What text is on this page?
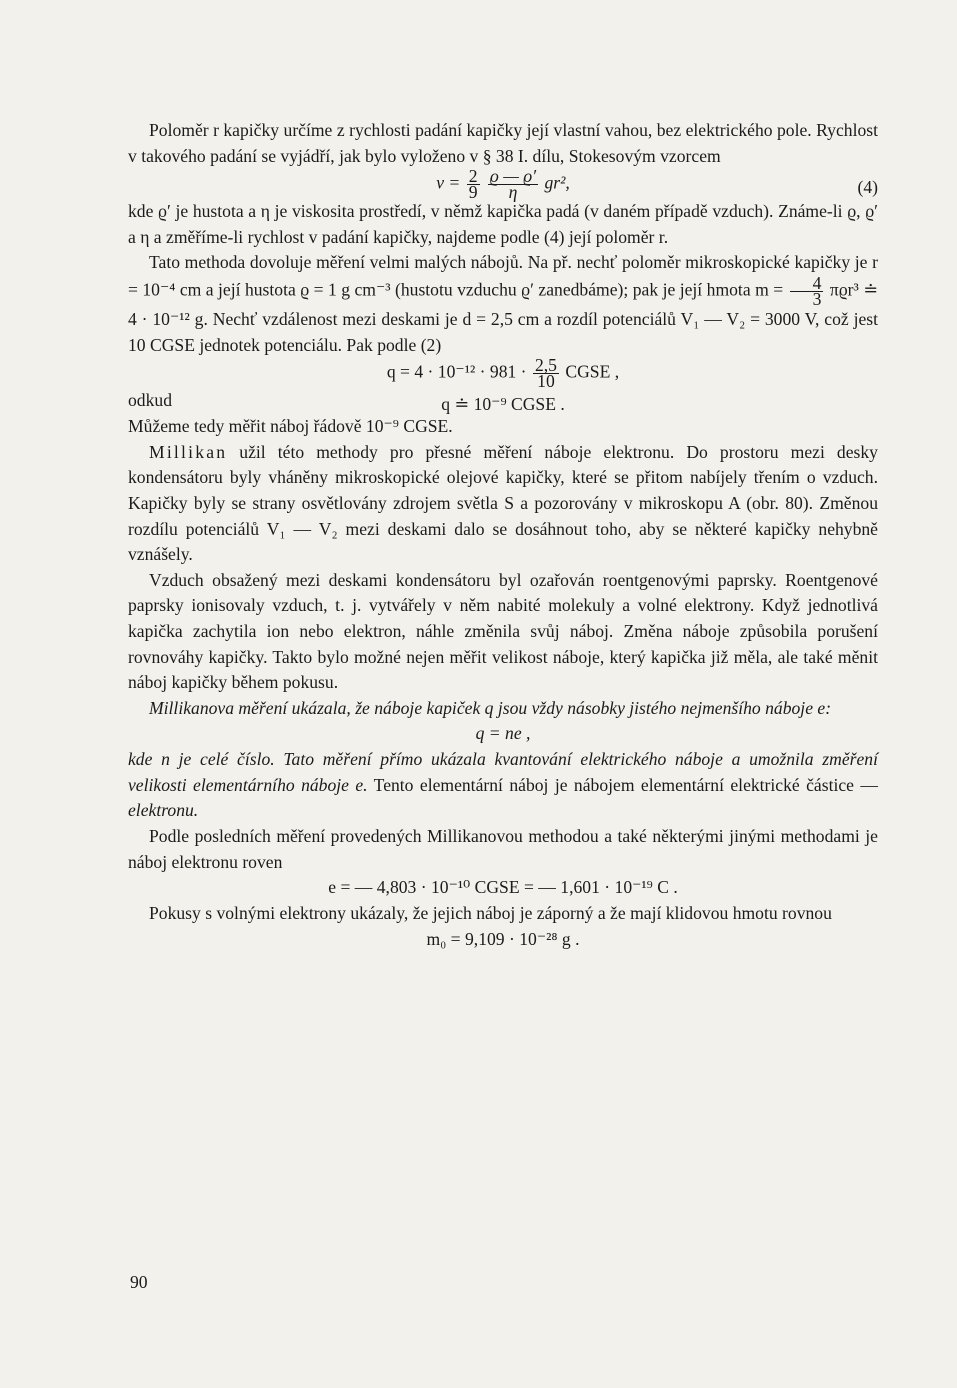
Poloměr r kapičky určíme z rychlosti padání kapičky její vlastní vahou, bez elektrického pole. Rychlost v takového padání se vyjádří, jak bylo vyloženo v § 38 I. dílu, Stokesovým vzorcem

$v = \frac{2}{9}$
$\frac{ϱ — ϱ'}{\eta} gr^2$,	(4)

kde ϱ′ je hustota a η je viskosita prostředí, v němž kapička padá (v daném případě vzduch). Známe-li ϱ, ϱ′ a η a změříme-li rychlost v padání kapičky, najdeme podle (4) její poloměr r.

Tato methoda dovoluje měření velmi malých nábojů. Na př. nechť poloměr mikroskopické kapičky je r = 10⁻⁴ cm a její hustota ϱ = 1 g cm⁻³ (hustotu vzduchu ϱ′ zanedbáme); pak je její hmota $m = \frac{4}{3} \pi ϱr^3$ ≐ 4 · 10⁻¹² g. Nechť vzdálenost mezi deskami je d = 2,5 cm a rozdíl potenciálů V₁ — V₂ = 3000 V, což jest 10 CGSE jednotek potenciálu. Pak podle (2)

$q = 4 \cdot 10^{-12} \cdot 981 \cdot \frac{2,5}{10}$ CGSE ,
odkud	q ≐ 10⁻⁹ CGSE .

Můžeme tedy měřit náboj řádově 10⁻⁹ CGSE.

Millikan užil této methody pro přesné měření náboje elektronu. Do prostoru mezi desky kondensátoru byly vháněny mikroskopické olejové kapičky, které se přitom nabíjely třením o vzduch. Kapičky byly se strany osvětlovány zdrojem světla S a pozorovány v mikroskopu A (obr. 80). Změnou rozdílu potenciálů V₁ — V₂ mezi deskami dalo se dosáhnout toho, aby se některé kapičky nehybně vznášely.

Vzduch obsažený mezi deskami kondensátoru byl ozařován roentgenovými paprsky. Roentgenové paprsky ionisovaly vzduch, t. j. vytvářely v něm nabité molekuly a volné elektrony. Když jednotlivá kapička zachytila ion nebo elektron, náhle změnila svůj náboj. Změna náboje způsobila porušení rovnováhy kapičky. Takto bylo možné nejen měřit velikost náboje, který kapička již měla, ale také měnit náboj kapičky během pokusu.

Millikanova měření ukázala, že náboje kapiček q jsou vždy násobky jistého nejmenšího náboje e:

q = ne ,

kde n je celé číslo. Tato měření přímo ukázala kvantování elektrického náboje a umožnila změření velikosti elementárního náboje e. Tento elementární náboj je nábojem elementární elektrické částice — elektronu.

Podle posledních měření provedených Millikanovou methodou a také některými jinými methodami je náboj elektronu roven

e = — 4,803 · 10⁻¹⁰ CGSE = — 1,601 · 10⁻¹⁹ C .

Pokusy s volnými elektrony ukázaly, že jejich náboj je záporný a že mají klidovou hmotu rovnou

m₀ = 9,109 · 10⁻²⁸ g .
90
